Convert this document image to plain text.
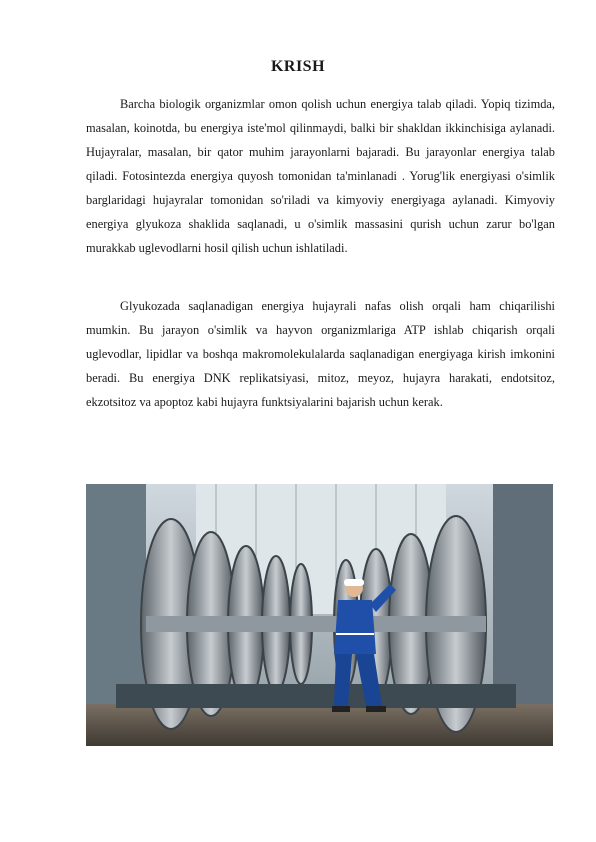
KRISH

Barcha biologik organizmlar omon qolish uchun energiya talab qiladi. Yopiq tizimda, masalan, koinotda, bu energiya iste'mol qilinmaydi, balki bir shakldan ikkinchisiga aylanadi. Hujayralar, masalan, bir qator muhim jarayonlarni bajaradi. Bu jarayonlar energiya talab qiladi. Fotosintezda energiya quyosh tomonidan ta'minlanadi . Yorug'lik energiyasi o'simlik barglaridagi hujayralar tomonidan so'riladi va kimyoviy energiyaga aylanadi. Kimyoviy energiya glyukoza shaklida saqlanadi, u o'simlik massasini qurish uchun zarur bo'lgan murakkab uglevodlarni hosil qilish uchun ishlatiladi.

Glyukozada saqlanadigan energiya hujayrali nafas olish orqali ham chiqarilishi mumkin. Bu jarayon o'simlik va hayvon organizmlariga ATP ishlab chiqarish orqali uglevodlar, lipidlar va boshqa makromolekulalarda saqlanadigan energiyaga kirish imkonini beradi. Bu energiya DNK replikatsiyasi, mitoz, meyoz, hujayra harakati, endotsitoz, ekzotsitoz va apoptoz kabi hujayra funktsiyalarini bajarish uchun kerak.
